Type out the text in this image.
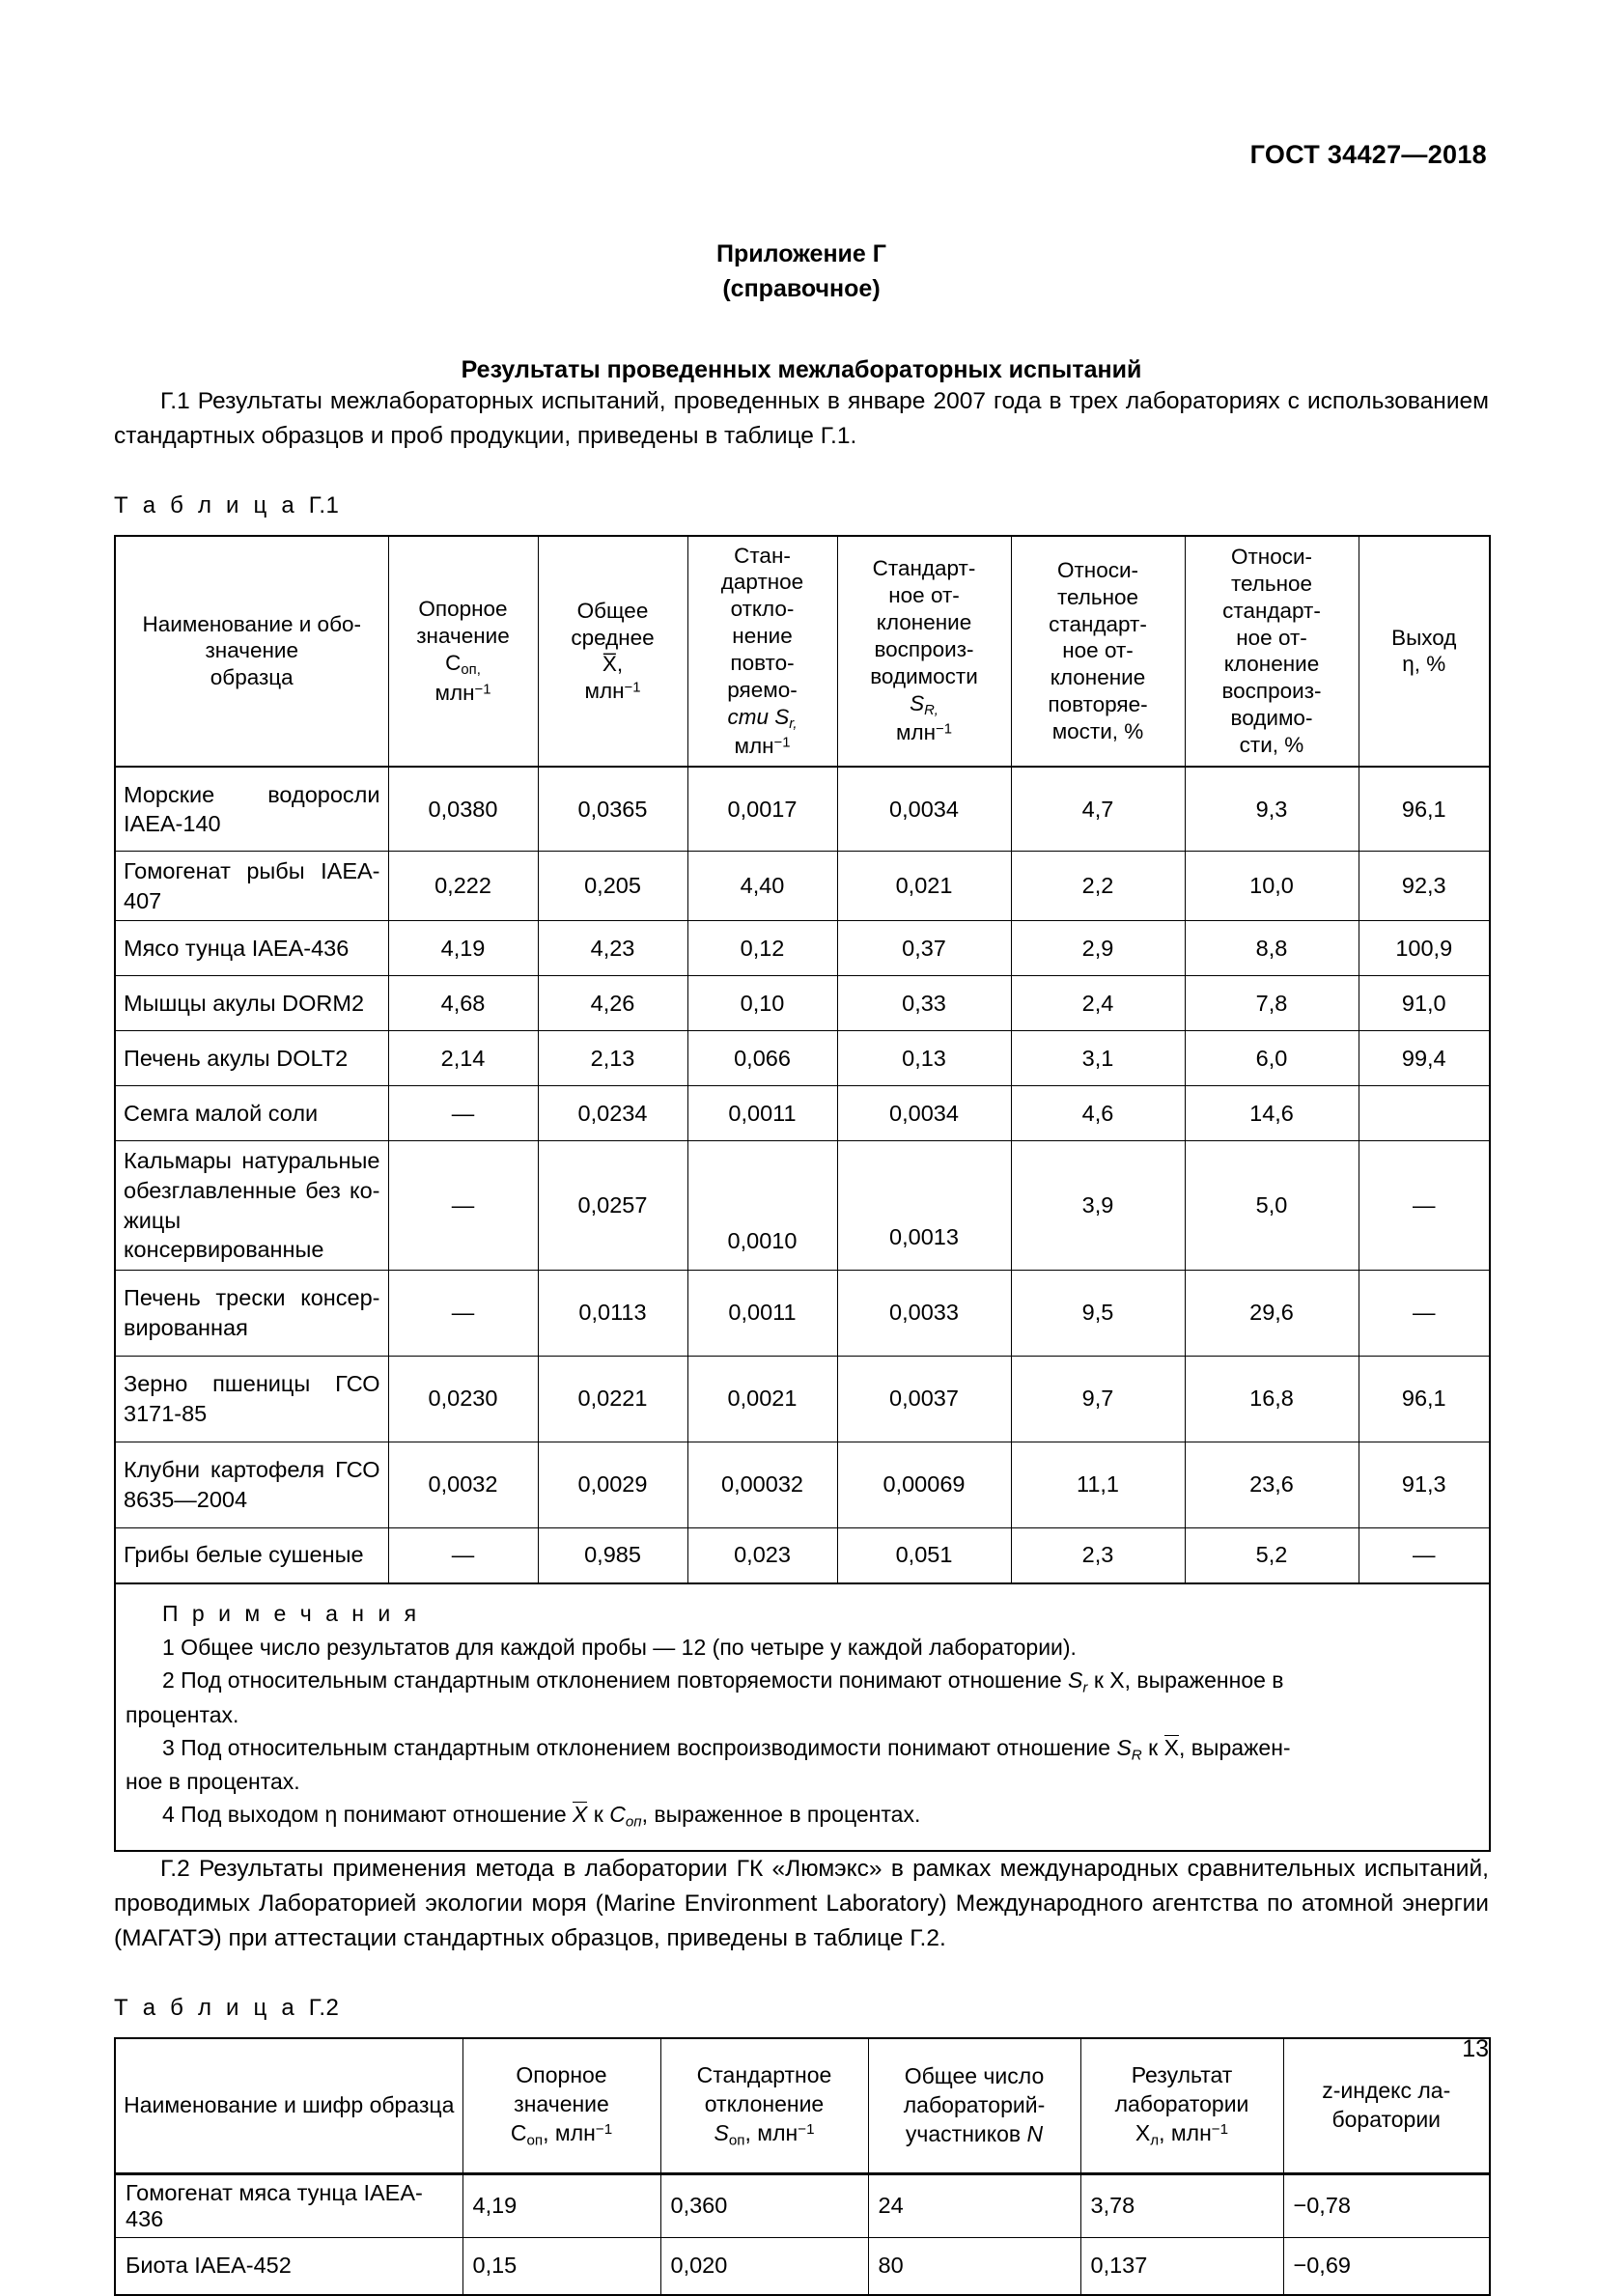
ГОСТ 34427—2018
Приложение Г
(справочное)
Результаты проведенных межлабораторных испытаний

Г.1 Результаты межлабораторных испытаний, проведенных в январе 2007 года в трех лабораториях с использованием стандартных образцов и проб продукции, приведены в таблице Г.1.

Т а б л и ц а Г.1
Наименование и обо-
значение
образца	Опорное
значение
$C_{оп,}$
млн$^{-1}$	Общее
среднее
X̅,
млн$^{-1}$	Стан-
дартное
откло-
нение
повто-
ряемо-
сти $S_{r,}$
млн$^{-1}$	Стандарт-
ное от-
клонение
воспроиз-
водимости
$S_{R,}$
млн$^{-1}$	Относи-
тельное
стандарт-
ное от-
клонение
повторяе-
мости, %	Относи-
тельное
стандарт-
ное от-
клонение
воспроиз-
водимо-
сти, %	Выход
η, %
Морские водоросли
IAEA-140	0,0380	0,0365	0,0017	0,0034	4,7	9,3	96,1
Гомогенат рыбы IAEA-407	0,222	0,205	4,40	0,021	2,2	10,0	92,3
Мясо тунца IAEA-436	4,19	4,23	0,12	0,37	2,9	8,8	100,9
Мышцы акулы DORM2	4,68	4,26	0,10	0,33	2,4	7,8	91,0
Печень акулы DOLT2	2,14	2,13	0,066	0,13	3,1	6,0	99,4
Семга малой соли	—	0,0234	0,0011	0,0034	4,6	14,6	
Кальмары натуральные
обезглавленные без ко-
жицы консервированные	—	0,0257	0,0010	0,0013	3,9	5,0	—
Печень трески консер-
вированная	—	0,0113	0,0011	0,0033	9,5	29,6	—
Зерно пшеницы ГСО
3171-85	0,0230	0,0221	0,0021	0,0037	9,7	16,8	96,1
Клубни картофеля ГСО
8635—2004	0,0032	0,0029	0,00032	0,00069	11,1	23,6	91,3
Грибы белые сушеные	—	0,985	0,023	0,051	2,3	5,2	—

П р и м е ч а н и я
1 Общее число результатов для каждой пробы — 12 (по четыре у каждой лаборатории).
2 Под относительным стандартным отклонением повторяемости понимают отношение $S_r$ к X, выраженное в
процентах.
3 Под относительным стандартным отклонением воспроизводимости понимают отношение $S_R$ к X, выражен-
ное в процентах.
4 Под выходом η понимают отношение X к $C_{оп}$, выраженное в процентах.

Г.2 Результаты применения метода в лаборатории ГК «Люмэкс» в рамках международных сравнительных испытаний, проводимых Лабораторией экологии моря (Marine Environment Laboratory) Международного агентства по атомной энергии (МАГАТЭ) при аттестации стандартных образцов, приведены в таблице Г.2.

Т а б л и ц а Г.2
Наименование и шифр образца	Опорное
значение
$C_{оп}$, млн$^{-1}$	Стандартное
отклонение
$S_{оп}$, млн$^{-1}$	Общее число
лабораторий-
участников N	Результат
лаборатории
$X_л$, млн$^{-1}$	z-индекс ла-
боратории
Гомогенат мяса тунца IAEA-436	4,19	0,360	24	3,78	−0,78
Биота IAEA-452	0,15	0,020	80	0,137	−0,69
13
